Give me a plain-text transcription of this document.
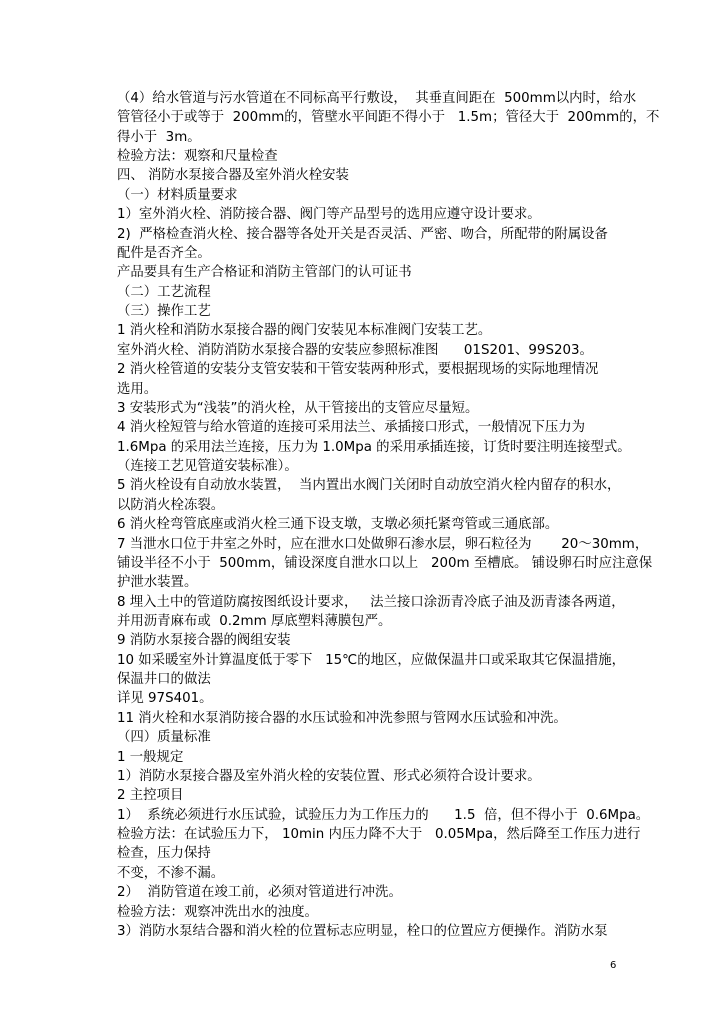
（4）给水管道与污水管道在不同标高平行敷设，  其垂直间距在  500mm以内时，给水
管管径小于或等于  200mm的，管壁水平间距不得小于   1.5m；管径大于  200mm的，不
得小于  3m。
检验方法：观察和尺量检查
四、 消防水泵接合器及室外消火栓安装
（一）材料质量要求
1）室外消火栓、消防接合器、阀门等产品型号的选用应遵守设计要求。
2)  严格检查消火栓、接合器等各处开关是否灵活、严密、吻合，所配带的附属设备
配件是否齐全。
产品要具有生产合格证和消防主管部门的认可证书
（二）工艺流程
（三）操作工艺
1 消火栓和消防水泵接合器的阀门安装见本标准阀门安装工艺。
室外消火栓、消防消防水泵接合器的安装应参照标准图      01S201、99S203。
2 消火栓管道的安装分支管安装和干管安装两种形式，要根据现场的实际地理情况
选用。
3 安装形式为“浅装”的消火栓，从干管接出的支管应尽量短。
4 消火栓短管与给水管道的连接可采用法兰、承插接口形式，一般情况下压力为
1.6Mpa 的采用法兰连接，压力为 1.0Mpa 的采用承插连接，订货时要注明连接型式。
（连接工艺见管道安装标准）。
5 消火栓设有自动放水装置，  当内置出水阀门关闭时自动放空消火栓内留存的积水，
以防消火栓冻裂。
6 消火栓弯管底座或消火栓三通下设支墩，支墩必须托紧弯管或三通底部。
7 当泄水口位于井室之外时，应在泄水口处做卵石渗水层，卵石粒径为       20～30mm，
铺设半径不小于  500mm，铺设深度自泄水口以上   200m 至槽底。 铺设卵石时应注意保
护泄水装置。
8 埋入土中的管道防腐按图纸设计要求，   法兰接口涂沥青冷底子油及沥青漆各两道，
并用沥青麻布或  0.2mm 厚底塑料薄膜包严。
9 消防水泵接合器的阀组安装
10 如采暖室外计算温度低于零下   15℃的地区，应做保温井口或采取其它保温措施，
保温井口的做法
详见 97S401。
11 消火栓和水泵消防接合器的水压试验和冲洗参照与管网水压试验和冲洗。
（四）质量标准
1 一般规定
1）消防水泵接合器及室外消火栓的安装位置、形式必须符合设计要求。
2 主控项目
1）  系统必须进行水压试验，试验压力为工作压力的      1.5  倍，但不得小于  0.6Mpa。
检验方法：在试验压力下， 10min 内压力降不大于   0.05Mpa，然后降至工作压力进行
检查，压力保持
不变，不渗不漏。
2）  消防管道在竣工前，必须对管道进行冲洗。
检验方法：观察冲洗出水的浊度。
3）消防水泵结合器和消火栓的位置标志应明显，栓口的位置应方便操作。消防水泵
6
